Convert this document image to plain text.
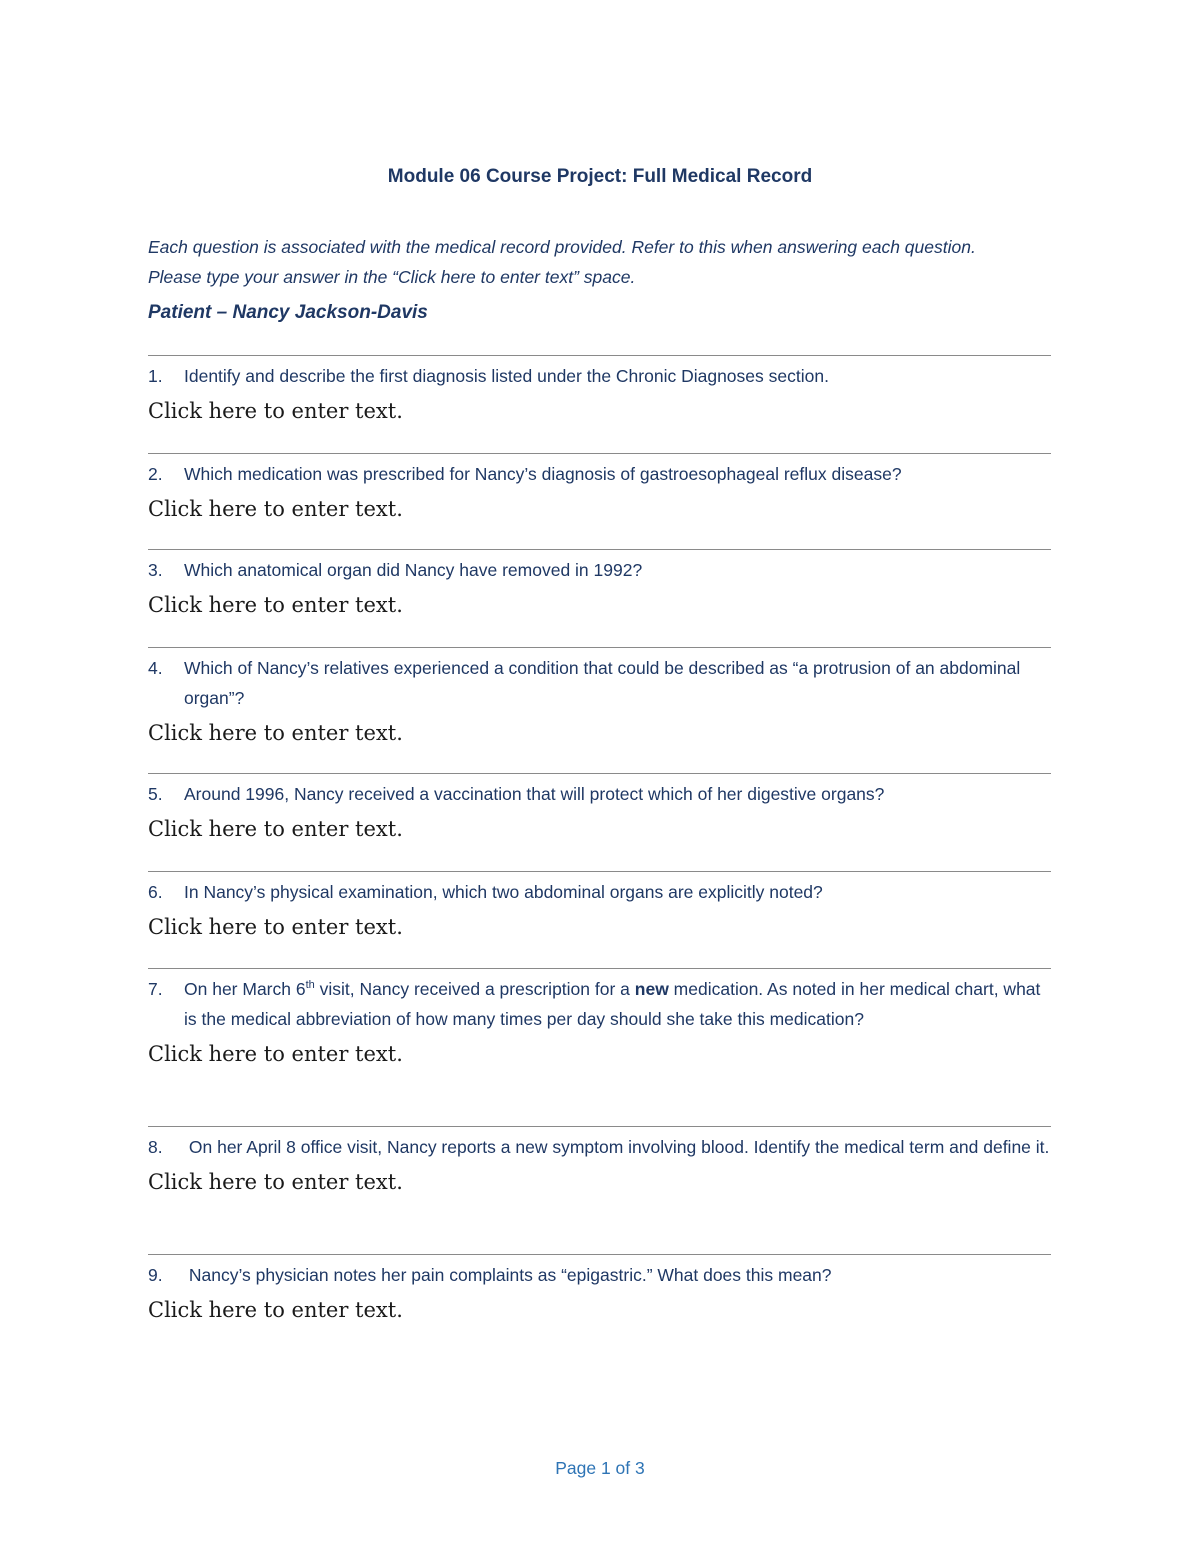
Module 06 Course Project: Full Medical Record
Each question is associated with the medical record provided. Refer to this when answering each question. Please type your answer in the “Click here to enter text” space.
Patient – Nancy Jackson-Davis
1.	Identify and describe the first diagnosis listed under the Chronic Diagnoses section.
Click here to enter text.
2.	Which medication was prescribed for Nancy’s diagnosis of gastroesophageal reflux disease?
Click here to enter text.
3.	Which anatomical organ did Nancy have removed in 1992?
Click here to enter text.
4.	Which of Nancy’s relatives experienced a condition that could be described as “a protrusion of an abdominal organ”?
Click here to enter text.
5.	Around 1996, Nancy received a vaccination that will protect which of her digestive organs?
Click here to enter text.
6.	In Nancy’s physical examination, which two abdominal organs are explicitly noted?
Click here to enter text.
7.	On her March 6th visit, Nancy received a prescription for a new medication. As noted in her medical chart, what is the medical abbreviation of how many times per day should she take this medication?
Click here to enter text.
8.	On her April 8 office visit, Nancy reports a new symptom involving blood. Identify the medical term and define it.
Click here to enter text.
9.	Nancy’s physician notes her pain complaints as “epigastric.” What does this mean?
Click here to enter text.
Page 1 of 3
